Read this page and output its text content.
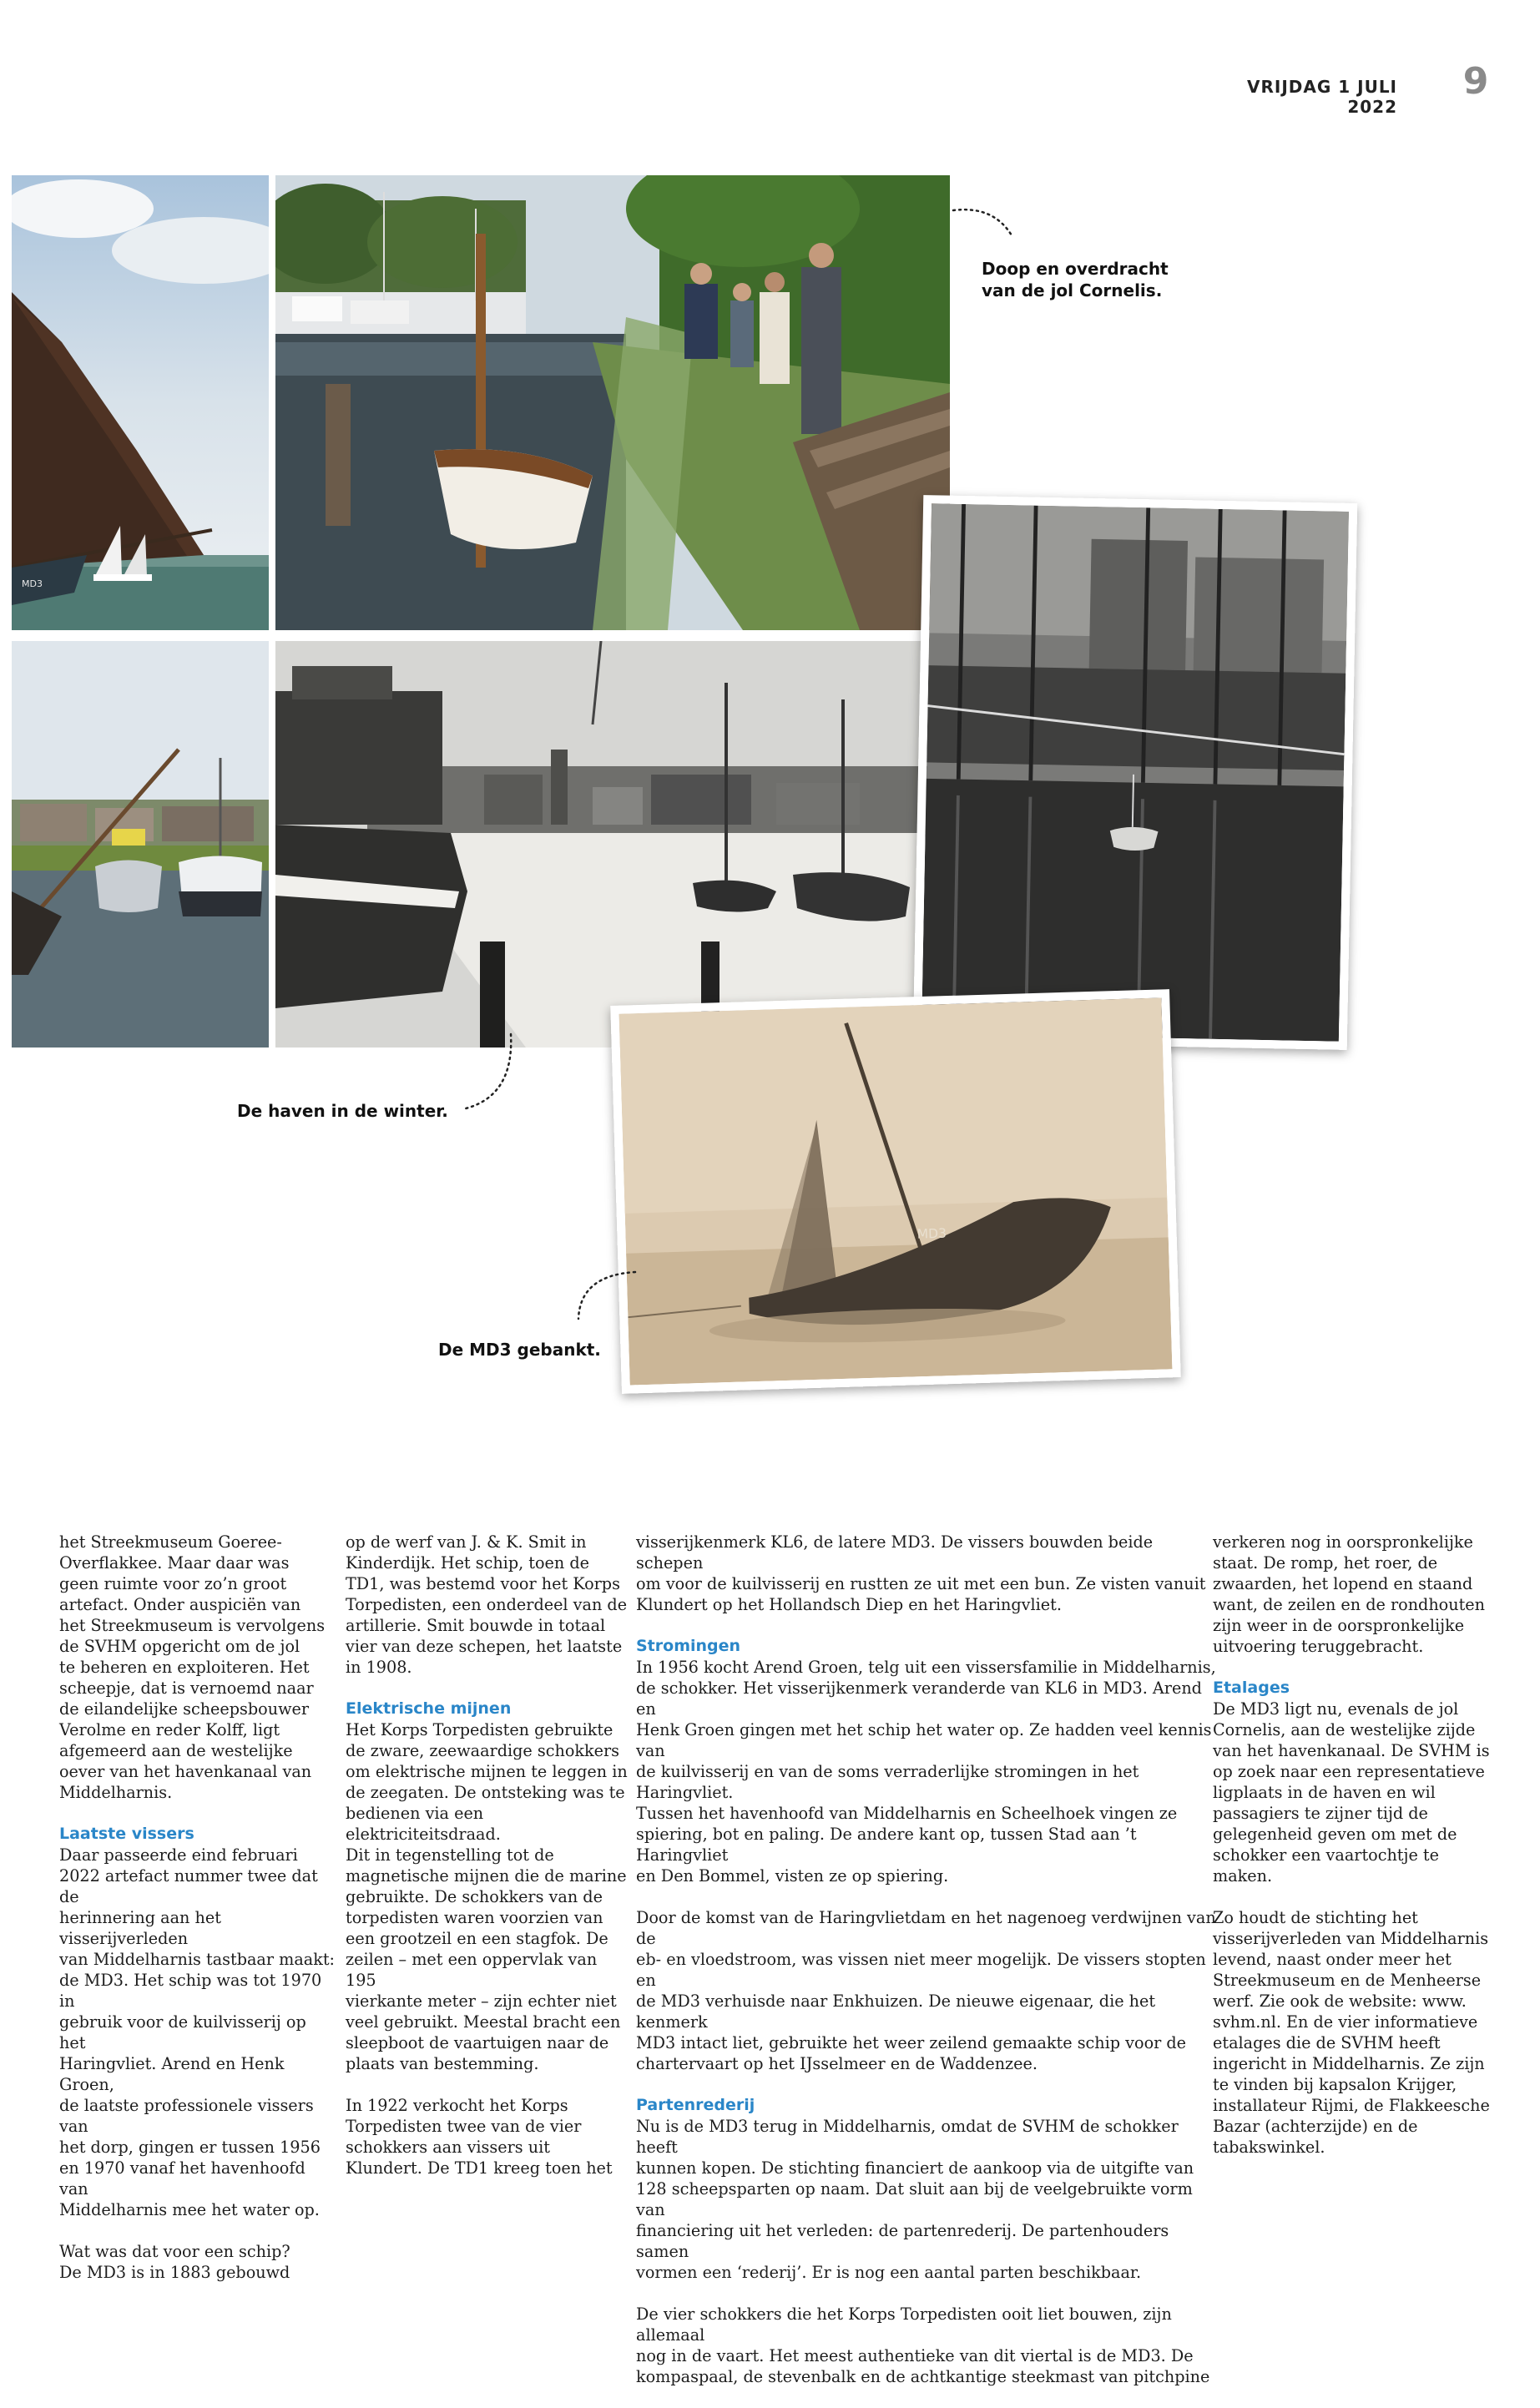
VRIJDAG 1 JULI 2022
9
MD3
MD3
Doop en overdracht
van de jol Cornelis.
De haven in de winter.
De MD3 gebankt.

het Streekmuseum Goeree-
Overflakkee. Maar daar was
geen ruimte voor zo’n groot
artefact. Onder auspiciën van
het Streekmuseum is vervolgens
de SVHM opgericht om de jol
te beheren en exploiteren. Het
scheepje, dat is vernoemd naar
de eilandelijke scheepsbouwer
Verolme en reder Kolff, ligt
afgemeerd aan de westelijke
oever van het havenkanaal van
Middelharnis.

Laatste vissers

Daar passeerde eind februari
2022 artefact nummer twee dat de
herinnering aan het visserijverleden
van Middelharnis tastbaar maakt:
de MD3. Het schip was tot 1970 in
gebruik voor de kuilvisserij op het
Haringvliet. Arend en Henk Groen,
de laatste professionele vissers van
het dorp, gingen er tussen 1956
en 1970 vanaf het havenhoofd van
Middelharnis mee het water op.

Wat was dat voor een schip?
De MD3 is in 1883 gebouwd

op de werf van J. & K. Smit in
Kinderdijk. Het schip, toen de
TD1, was bestemd voor het Korps
Torpedisten, een onderdeel van de
artillerie. Smit bouwde in totaal
vier van deze schepen, het laatste
in 1908.

Elektrische mijnen

Het Korps Torpedisten gebruikte
de zware, zeewaardige schokkers
om elektrische mijnen te leggen in
de zeegaten. De ontsteking was te
bedienen via een elektriciteitsdraad.
Dit in tegenstelling tot de
magnetische mijnen die de marine
gebruikte. De schokkers van de
torpedisten waren voorzien van
een grootzeil en een stagfok. De
zeilen – met een oppervlak van 195
vierkante meter – zijn echter niet
veel gebruikt. Meestal bracht een
sleepboot de vaartuigen naar de
plaats van bestemming.

In 1922 verkocht het Korps
Torpedisten twee van de vier
schokkers aan vissers uit
Klundert. De TD1 kreeg toen het

visserijkenmerk KL6, de latere MD3. De vissers bouwden beide schepen
om voor de kuilvisserij en rustten ze uit met een bun. Ze visten vanuit
Klundert op het Hollandsch Diep en het Haringvliet.

Stromingen

In 1956 kocht Arend Groen, telg uit een vissersfamilie in Middelharnis,
de schokker. Het visserijkenmerk veranderde van KL6 in MD3. Arend en
Henk Groen gingen met het schip het water op. Ze hadden veel kennis van
de kuilvisserij en van de soms verraderlijke stromingen in het Haringvliet.
Tussen het havenhoofd van Middelharnis en Scheelhoek vingen ze
spiering, bot en paling. De andere kant op, tussen Stad aan ’t Haringvliet
en Den Bommel, visten ze op spiering.

Door de komst van de Haringvlietdam en het nagenoeg verdwijnen van de
eb- en vloedstroom, was vissen niet meer mogelijk. De vissers stopten en
de MD3 verhuisde naar Enkhuizen. De nieuwe eigenaar, die het kenmerk
MD3 intact liet, gebruikte het weer zeilend gemaakte schip voor de
chartervaart op het IJsselmeer en de Waddenzee.

Partenrederij

Nu is de MD3 terug in Middelharnis, omdat de SVHM de schokker heeft
kunnen kopen. De stichting financiert de aankoop via de uitgifte van
128 scheepsparten op naam. Dat sluit aan bij de veelgebruikte vorm van
financiering uit het verleden: de partenrederij. De partenhouders samen
vormen een ‘rederij’. Er is nog een aantal parten beschikbaar.

De vier schokkers die het Korps Torpedisten ooit liet bouwen, zijn allemaal
nog in de vaart. Het meest authentieke van dit viertal is de MD3. De
kompaspaal, de stevenbalk en de achtkantige steekmast van pitchpine

verkeren nog in oorspronkelijke
staat. De romp, het roer, de
zwaarden, het lopend en staand
want, de zeilen en de rondhouten
zijn weer in de oorspronkelijke
uitvoering teruggebracht.

Etalages

De MD3 ligt nu, evenals de jol
Cornelis, aan de westelijke zijde
van het havenkanaal. De SVHM is
op zoek naar een representatieve
ligplaats in de haven en wil
passagiers te zijner tijd de
gelegenheid geven om met de
schokker een vaartochtje te maken.

Zo houdt de stichting het
visserijverleden van Middelharnis
levend, naast onder meer het
Streekmuseum en de Menheerse
werf. Zie ook de website: www.
svhm.nl. En de vier informatieve
etalages die de SVHM heeft
ingericht in Middelharnis. Ze zijn
te vinden bij kapsalon Krijger,
installateur Rijmi, de Flakkeesche
Bazar (achterzijde) en de
tabakswinkel.
